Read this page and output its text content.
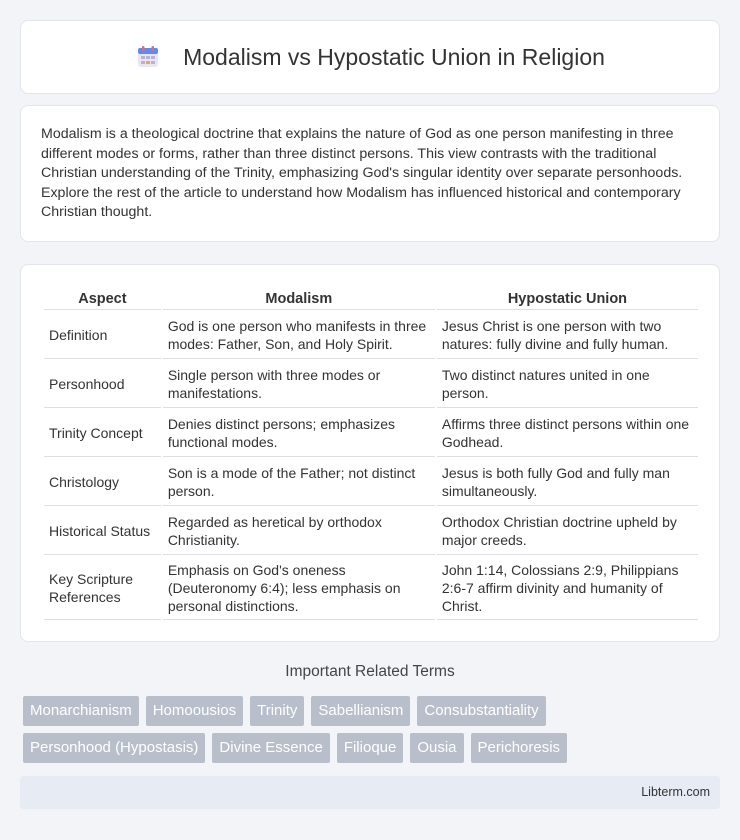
Modalism vs Hypostatic Union in Religion

Modalism is a theological doctrine that explains the nature of God as one person manifesting in three different modes or forms, rather than three distinct persons. This view contrasts with the traditional Christian understanding of the Trinity, emphasizing God's singular identity over separate personhoods. Explore the rest of the article to understand how Modalism has influenced historical and contemporary Christian thought.

Aspect	Modalism	Hypostatic Union
Definition	God is one person who manifests in three modes: Father, Son, and Holy Spirit.	Jesus Christ is one person with two natures: fully divine and fully human.
Personhood	Single person with three modes or manifestations.	Two distinct natures united in one person.
Trinity Concept	Denies distinct persons; emphasizes functional modes.	Affirms three distinct persons within one Godhead.
Christology	Son is a mode of the Father; not distinct person.	Jesus is both fully God and fully man simultaneously.
Historical Status	Regarded as heretical by orthodox Christianity.	Orthodox Christian doctrine upheld by major creeds.
Key Scripture References	Emphasis on God's oneness (Deuteronomy 6:4); less emphasis on personal distinctions.	John 1:14, Colossians 2:9, Philippians 2:6-7 affirm divinity and humanity of Christ.
Important Related Terms
Monarchianism	Homoousios	Trinity	Sabellianism	Consubstantiality
Personhood (Hypostasis)	Divine Essence	Filioque	Ousia	Perichoresis
Libterm.com
